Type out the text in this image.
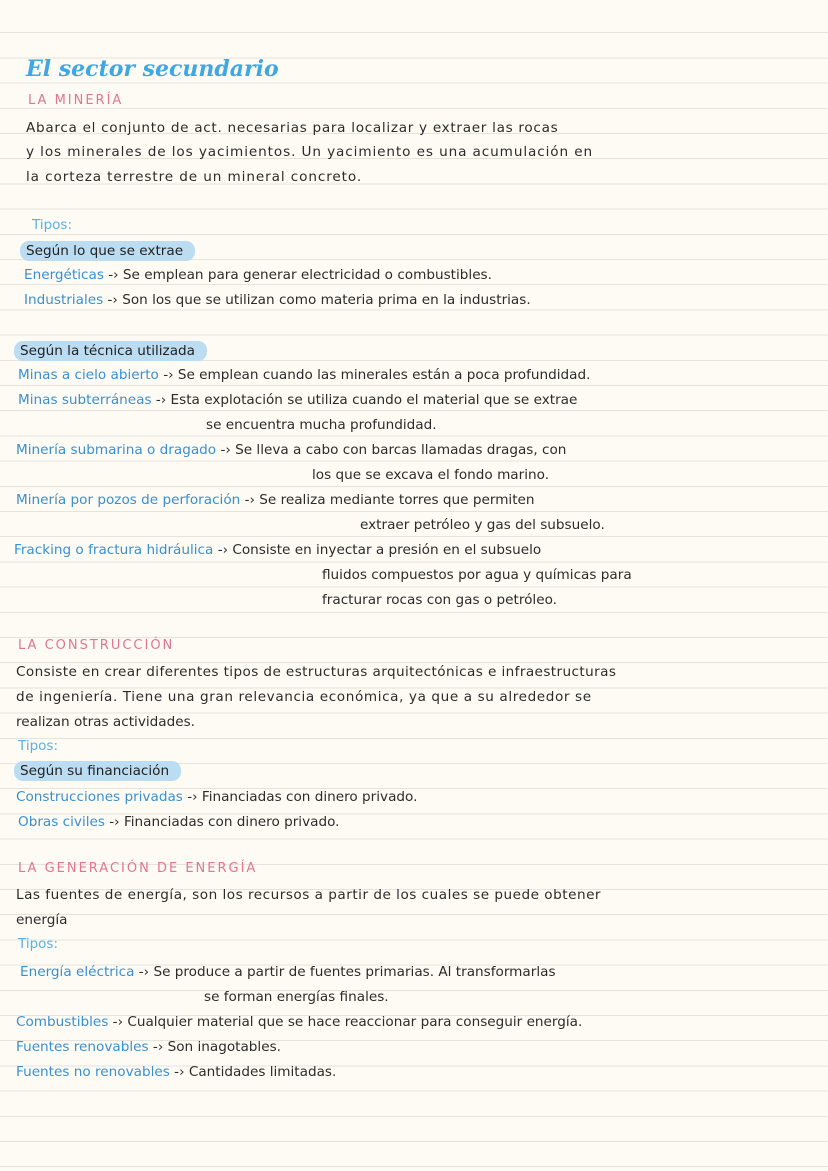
El sector secundario
LA MINERÍA
Abarca el conjunto de act. necesarias para localizar y extraer las rocas
y los minerales de los yacimientos. Un yacimiento es una acumulación en
la corteza terrestre de un mineral concreto.
Tipos:
Según lo que se extrae
Energéticas -› Se emplean para generar electricidad o combustibles.
Industriales -› Son los que se utilizan como materia prima en la industrias.
Según la técnica utilizada
Minas a cielo abierto -› Se emplean cuando las minerales están a poca profundidad.
Minas subterráneas -› Esta explotación se utiliza cuando el material que se extrae
se encuentra mucha profundidad.
Minería submarina o dragado -› Se lleva a cabo con barcas llamadas dragas, con
los que se excava el fondo marino.
Minería por pozos de perforación -› Se realiza mediante torres que permiten
extraer petróleo y gas del subsuelo.
Fracking o fractura hidráulica -› Consiste en inyectar a presión en el subsuelo
fluidos compuestos por agua y químicas para
fracturar rocas con gas o petróleo.
LA CONSTRUCCIÓN
Consiste en crear diferentes tipos de estructuras arquitectónicas e infraestructuras
de ingeniería. Tiene una gran relevancia económica, ya que a su alrededor se
realizan otras actividades.
Tipos:
Según su financiación
Construcciones privadas -› Financiadas con dinero privado.
Obras civiles -› Financiadas con dinero privado.
LA GENERACIÓN DE ENERGÍA
Las fuentes de energía, son los recursos a partir de los cuales se puede obtener
energía
Tipos:
Energía eléctrica -› Se produce a partir de fuentes primarias. Al transformarlas
se forman energías finales.
Combustibles -› Cualquier material que se hace reaccionar para conseguir energía.
Fuentes renovables -› Son inagotables.
Fuentes no renovables -› Cantidades limitadas.
